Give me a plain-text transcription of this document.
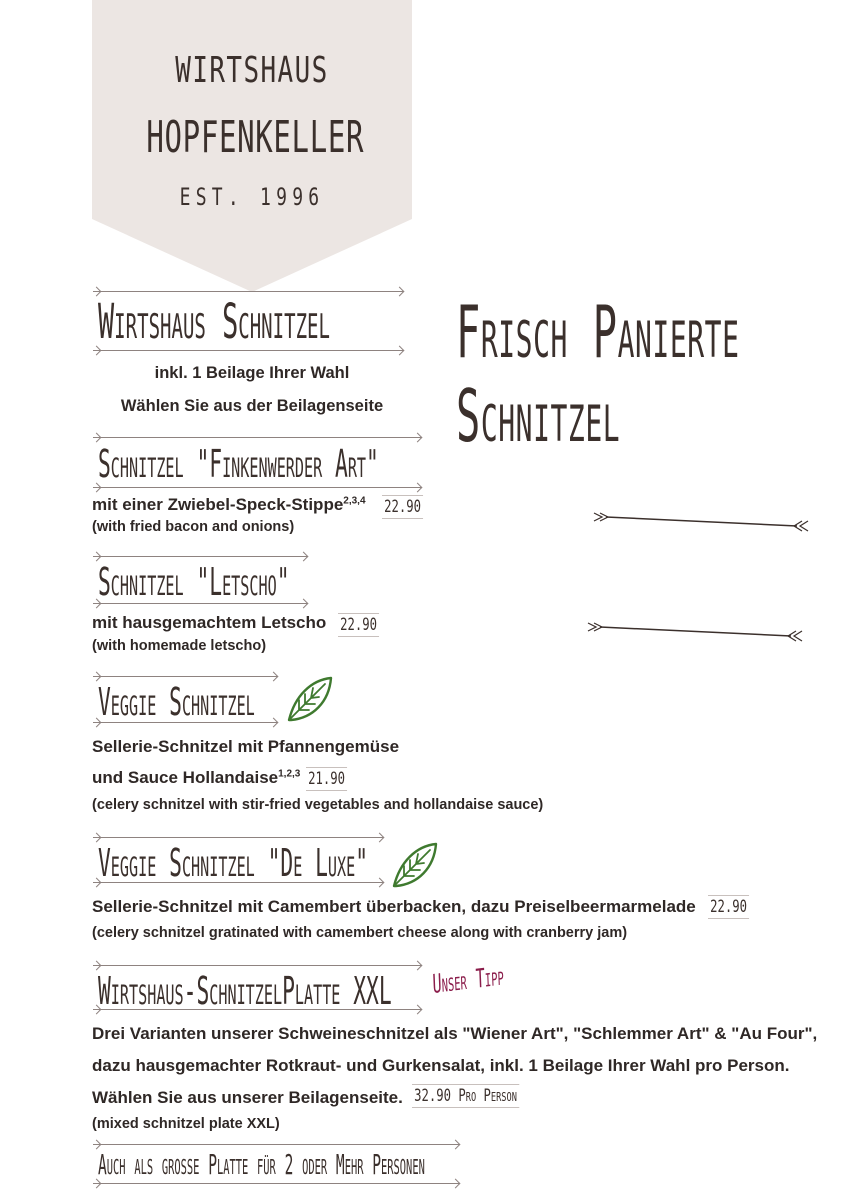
WIRTSHAUS
HOPFENKELLER
EST. 1996
Frisch Panierte
Schnitzel
Wirtshaus Schnitzel
inkl. 1 Beilage Ihrer Wahl
Wählen Sie aus der Beilagenseite
Schnitzel "Finkenwerder Art"
mit einer Zwiebel-Speck-Stippe$^{2,3,4}$ 22.90
(with fried bacon and onions)
Schnitzel "Letscho"
mit hausgemachtem Letscho 22.90
(with homemade letscho)
Veggie Schnitzel
Sellerie-Schnitzel mit Pfannengemüse
und Sauce Hollandaise$^{1,2,3}$ 21.90
(celery schnitzel with stir-fried vegetables and hollandaise sauce)
Veggie Schnitzel "De Luxe"
Sellerie-Schnitzel mit Camembert überbacken, dazu Preiselbeermarmelade 22.90
(celery schnitzel gratinated with camembert cheese along with cranberry jam)
Wirtshaus-SchnitzelPlatte XXL Unser Tipp
Drei Varianten unserer Schweineschnitzel als "Wiener Art", "Schlemmer Art" & "Au Four",
dazu hausgemachter Rotkraut- und Gurkensalat, inkl. 1 Beilage Ihrer Wahl pro Person.
Wählen Sie aus unserer Beilagenseite. 32.90 Pro Person
(mixed schnitzel plate XXL)
Auch als grosse Platte für 2 oder Mehr Personen
